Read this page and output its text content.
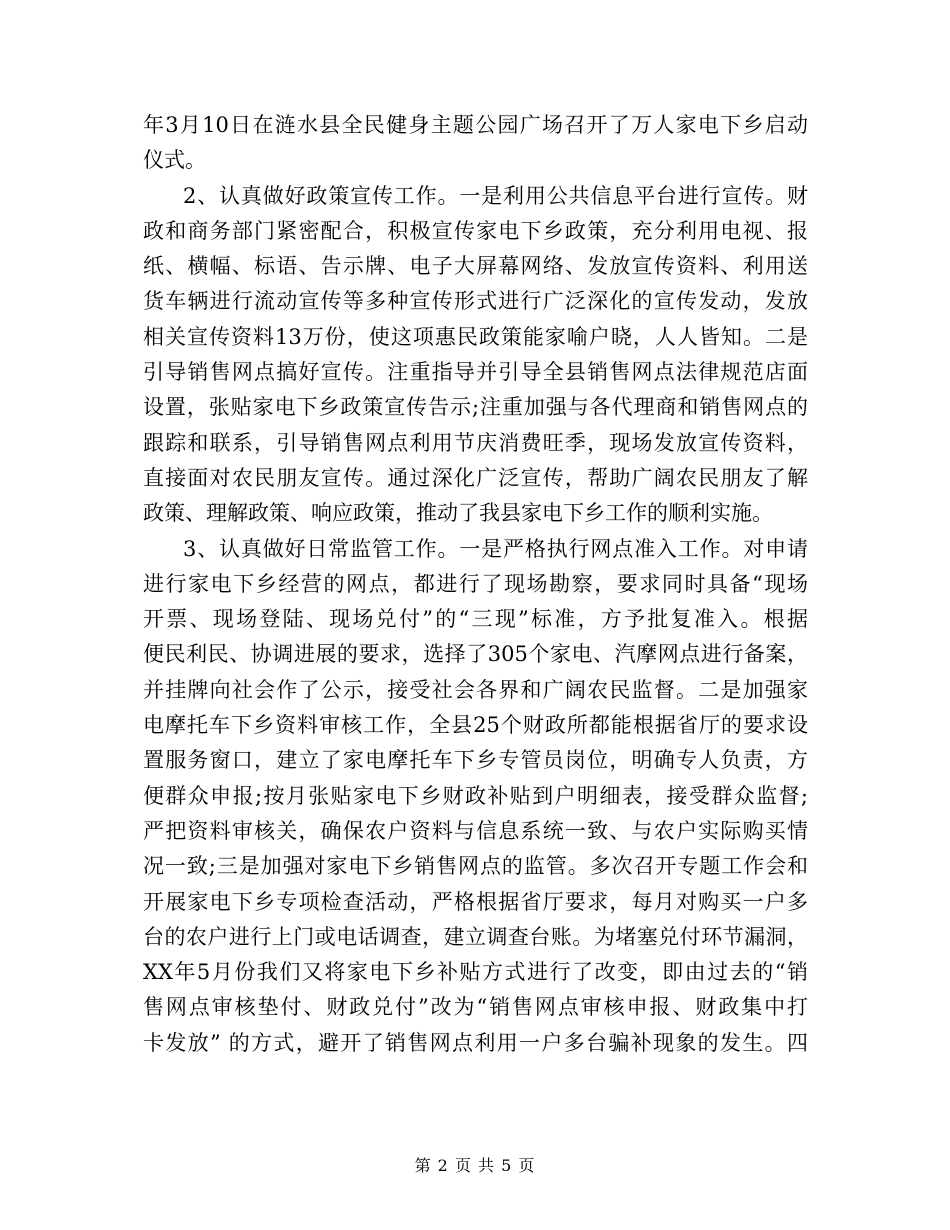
年3月10日在涟水县全民健身主题公园广场召开了万人家电下乡启动
仪式。
2、认真做好政策宣传工作。一是利用公共信息平台进行宣传。财
政和商务部门紧密配合，积极宣传家电下乡政策，充分利用电视、报
纸、横幅、标语、告示牌、电子大屏幕网络、发放宣传资料、利用送
货车辆进行流动宣传等多种宣传形式进行广泛深化的宣传发动，发放
相关宣传资料13万份，使这项惠民政策能家喻户晓，人人皆知。二是
引导销售网点搞好宣传。注重指导并引导全县销售网点法律规范店面
设置，张贴家电下乡政策宣传告示;注重加强与各代理商和销售网点的
跟踪和联系，引导销售网点利用节庆消费旺季，现场发放宣传资料，
直接面对农民朋友宣传。通过深化广泛宣传，帮助广阔农民朋友了解
政策、理解政策、响应政策，推动了我县家电下乡工作的顺利实施。
3、认真做好日常监管工作。一是严格执行网点准入工作。对申请
进行家电下乡经营的网点，都进行了现场勘察，要求同时具备“现场
开票、现场登陆、现场兑付”的“三现”标准，方予批复准入。根据
便民利民、协调进展的要求，选择了305个家电、汽摩网点进行备案，
并挂牌向社会作了公示，接受社会各界和广阔农民监督。二是加强家
电摩托车下乡资料审核工作，全县25个财政所都能根据省厅的要求设
置服务窗口，建立了家电摩托车下乡专管员岗位，明确专人负责，方
便群众申报;按月张贴家电下乡财政补贴到户明细表，接受群众监督;
严把资料审核关，确保农户资料与信息系统一致、与农户实际购买情
况一致;三是加强对家电下乡销售网点的监管。多次召开专题工作会和
开展家电下乡专项检查活动，严格根据省厅要求，每月对购买一户多
台的农户进行上门或电话调查，建立调查台账。为堵塞兑付环节漏洞，
XX年5月份我们又将家电下乡补贴方式进行了改变，即由过去的“销
售网点审核垫付、财政兑付”改为“销售网点审核申报、财政集中打
卡发放” 的方式，避开了销售网点利用一户多台骗补现象的发生。四
第 2 页 共 5 页
